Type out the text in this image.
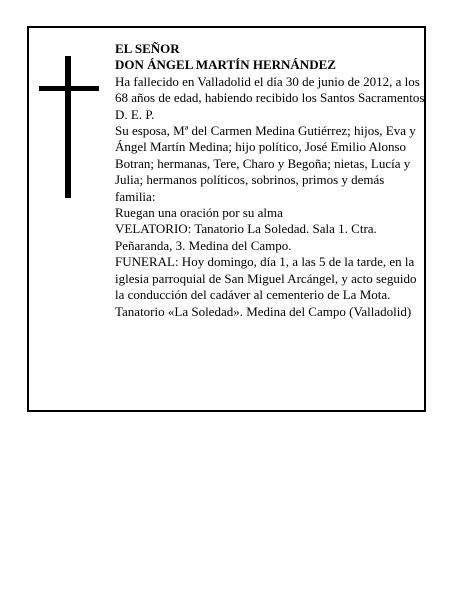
EL SEÑOR

DON ÁNGEL MARTÍN HERNÁNDEZ

Ha fallecido en Valladolid el día 30 de junio de 2012, a los 68 años de edad, habiendo recibido los Santos Sacramentos

D. E. P.

Su esposa, Mª del Carmen Medina Gutiérrez; hijos, Eva y Ángel Martín Medina; hijo político, José Emilio Alonso Botran; hermanas, Tere, Charo y Begoña; nietas, Lucía y Julia; hermanos políticos, sobrinos, primos y demás familia:

Ruegan una oración por su alma

VELATORIO: Tanatorio La Soledad. Sala 1. Ctra. Peñaranda, 3. Medina del Campo.

FUNERAL: Hoy domingo, día 1, a las 5 de la tarde, en la iglesia parroquial de San Miguel Arcángel, y acto seguido la conducción del cadáver al cementerio de La Mota.

Tanatorio «La Soledad». Medina del Campo (Valladolid)
